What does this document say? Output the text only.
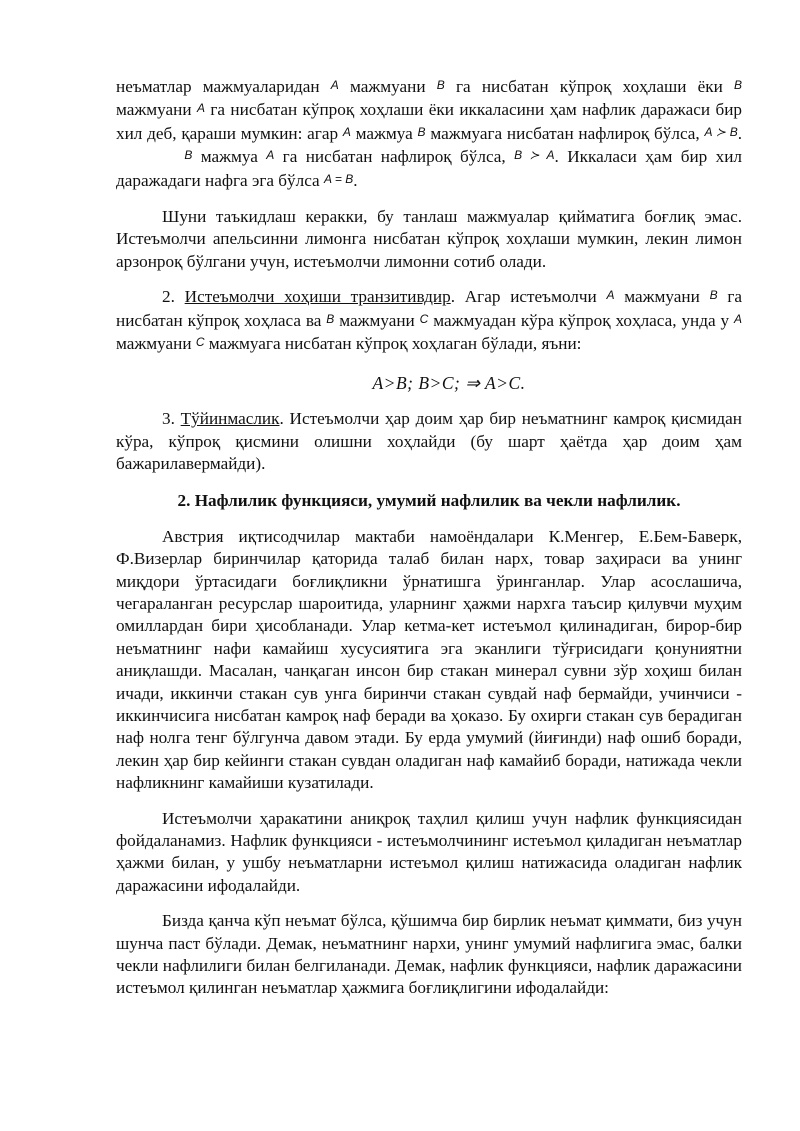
неъматлар мажмуаларидан A мажмуани B га нисбатан кўпроқ хоҳлаши ёки B мажмуани A га нисбатан кўпроқ хоҳлаши ёки иккаласини ҳам нафлик даражаси бир хил деб, қараши мумкин: агар A мажмуа B мажмуага нисбатан нафлироқ бўлса, A ≻ B.  B мажмуа A га нисбатан нафлироқ бўлса, B ≻ A. Иккаласи ҳам бир хил даражадаги нафга эга бўлса A = B.

Шуни таъкидлаш керакки, бу танлаш мажмуалар қийматига боғлиқ эмас. Истеъмолчи апельсинни лимонга нисбатан кўпроқ хоҳлаши мумкин, лекин лимон арзонроқ бўлгани учун, истеъмолчи лимонни сотиб олади.

2. Истеъмолчи хоҳиши транзитивдир. Агар истеъмолчи A мажмуани B га нисбатан кўпроқ хоҳласа ва B мажмуани C мажмуадан кўра кўпроқ хоҳласа, унда у A мажмуани C мажмуага нисбатан кўпроқ хоҳлаган бўлади, яъни:

A>B; B>C; ⇒ A>C.

3. Тўйинмаслик. Истеъмолчи ҳар доим ҳар бир неъматнинг камроқ қисмидан кўра, кўпроқ қисмини олишни хоҳлайди (бу шарт ҳаётда ҳар доим ҳам бажарилавермайди).

2. Нафлилик функцияси, умумий нафлилик ва чекли нафлилик.

Австрия иқтисодчилар мактаби намоёндалари К.Менгер, Е.Бем-Баверк, Ф.Визерлар биринчилар қаторида талаб билан нарх, товар заҳираси ва унинг миқдори ўртасидаги боғлиқликни ўрнатишга ўринганлар. Улар асослашича, чегараланган ресурслар шароитида, уларнинг ҳажми нархга таъсир қилувчи муҳим омиллардан бири ҳисобланади. Улар кетма-кет истеъмол қилинадиган, бирор-бир неъматнинг нафи камайиш хусусиятига эга эканлиги тўғрисидаги қонуниятни аниқлашди. Масалан, чанқаган инсон бир стакан минерал сувни зўр хоҳиш билан ичади, иккинчи стакан сув унга биринчи стакан сувдай наф бермайди, учинчиси - иккинчисига нисбатан камроқ наф беради ва ҳоказо. Бу охирги стакан сув берадиган наф нолга тенг бўлгунча давом этади. Бу ерда умумий (йиғинди) наф ошиб боради, лекин ҳар бир кейинги стакан сувдан оладиган наф камайиб боради, натижада чекли нафликнинг камайиши кузатилади.

Истеъмолчи ҳаракатини аниқроқ таҳлил қилиш учун нафлик функциясидан фойдаланамиз. Нафлик функцияси - истеъмолчининг истеъмол қиладиган неъматлар ҳажми билан, у ушбу неъматларни истеъмол қилиш натижасида оладиган нафлик даражасини ифодалайди.

Бизда қанча кўп неъмат бўлса, қўшимча бир бирлик неъмат қиммати, биз учун шунча паст бўлади. Демак, неъматнинг нархи, унинг умумий нафлигига эмас, балки чекли нафлилиги билан белгиланади. Демак, нафлик функцияси, нафлик даражасини истеъмол қилинган неъматлар ҳажмига боғлиқлигини ифодалайди:
